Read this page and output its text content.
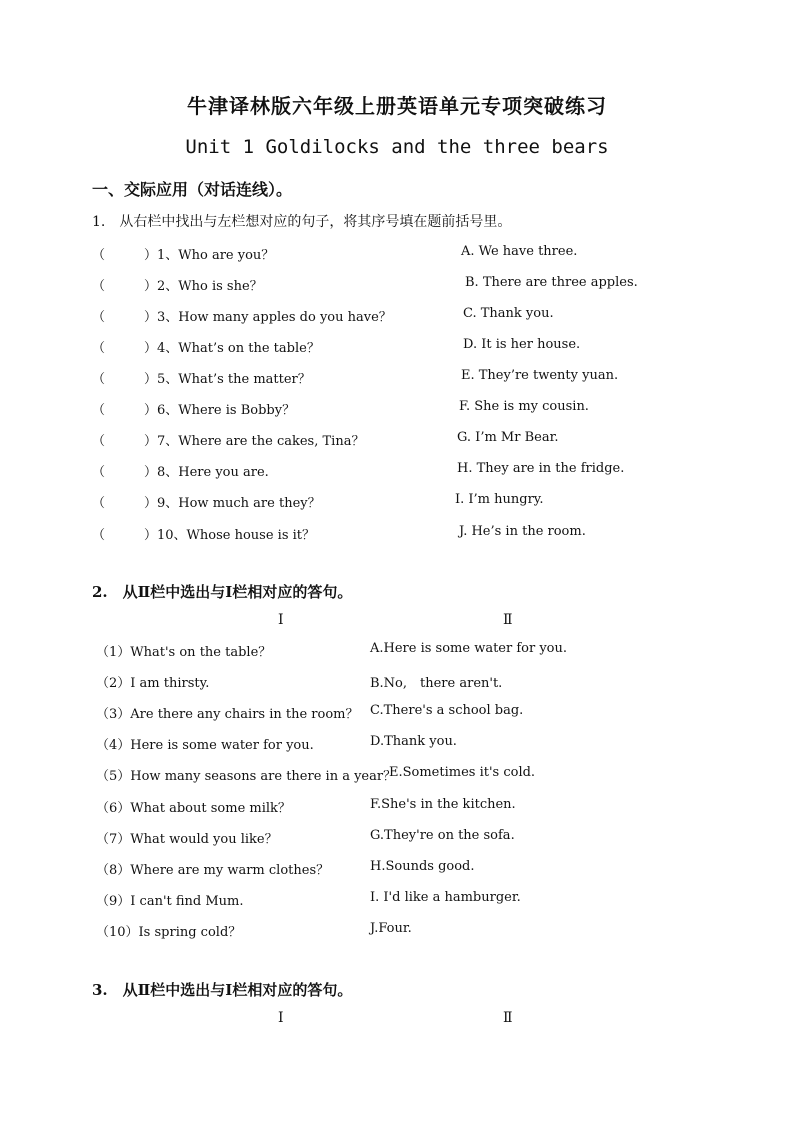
牛津译林版六年级上册英语单元专项突破练习
Unit 1 Goldilocks and the three bears
一、交际应用（对话连线）。
1.　从右栏中找出与左栏想对应的句子，将其序号填在题前括号里。
（　　　）1、Who are you？
（　　　）2、Who is she？
（　　　）3、How many apples do you have？
（　　　）4、What’s on the table？
（　　　）5、What’s the matter？
（　　　）6、Where is Bobby？
（　　　）7、Where are the cakes, Tina？
（　　　）8、Here you are.
（　　　）9、How much are they？
（　　　）10、Whose house is it？
A. We have three.
B. There are three apples.
C. Thank you.
D. It is her house.
E. They’re twenty yuan.
F. She is my cousin.
G. I’m Mr Bear.
H. They are in the fridge.
I. I’m hungry.
J. He’s in the room.
2.　从Ⅱ栏中选出与Ⅰ栏相对应的答句。
Ⅰ	Ⅱ
（1）What's on the table？
（2）I am thirsty.
（3）Are there any chairs in the room？
（4）Here is some water for you.
（5）How many seasons are there in a year？
（6）What about some milk？
（7）What would you like？
（8）Where are my warm clothes？
（9）I can't find Mum.
（10）Is spring cold？
A.Here is some water for you.
B.No,　there aren't.
C.There's a school bag.
D.Thank you.
E.Sometimes it's cold.
F.She's in the kitchen.
G.They're on the sofa.
H.Sounds good.
I. I'd like a hamburger.
J.Four.
3.　从Ⅱ栏中选出与Ⅰ栏相对应的答句。
Ⅰ	Ⅱ
